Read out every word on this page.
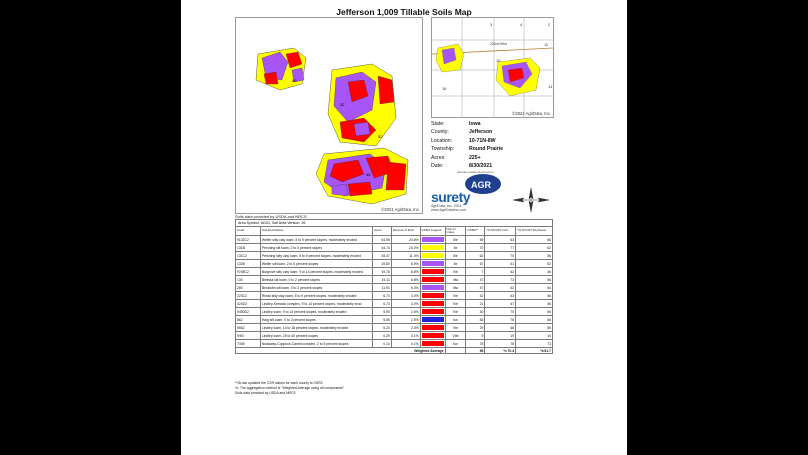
Jefferson 1,009 Tillable Soils Map
80
32
52
46
©2021 AgriData, Inc.
232nd Blvd
4
3	2
10
11
14
16
©2021 AgriData, Inc.
State:	Iowa
County:	Jefferson
Location:	10-71N-8W
Township:	Round Prairie
Acres:	225+
Date:	8/30/2021
NATIONAL FEDERATION AGRI SURETY
AGR
surety
AgriData, Inc. 2021
www.AgriDataInc.com
Soils data provided by USDA and NRCS.
Area Symbol: IA101, Soil Area Version: 26
Code	Soil Description	Acres	Percent of field	CSR2 Legend	Non-Irr Class	CSR2**	*% NCCPI Corn	*% NCCPI Soybeans
9132C2	Weller silty clay loam, 5 to 9 percent slopes, moderately eroded	54.96	24.6%		IIIe	59	63	66
131B	Pershing silt loam, 2 to 5 percent slopes	44.74	20.0%		IIe	70	77	62
131C2	Pershing silty clay loam, 5 to 9 percent slopes, moderately eroded	25.47	11.4%		IIIe	62	70	56
132B	Weller silt loam, 2 to 5 percent slopes	19.80	8.9%		IIe	67	61	52
9768C2	Bulgrove silty clay loam, 9 to 14 percent slopes, moderately eroded	19.78	8.8%		IVe	7	62	46
130	Belinda silt loam, 0 to 2 percent slopes	15.11	6.8%		IIIw	47	73	56
280	Beckwith silt loam, 0 to 2 percent slopes	11.91	5.3%		IIIw	47	62	54
223C2	Rinda silty clay loam, 5 to 9 percent slopes, moderately eroded	6.73	3.0%		IVe	42	63	46
424D2	Lindley-Keswick complex, 9 to 14 percent slopes, moderately erod	6.73	3.0%		IVe	21	67	46
9450D2	Lindley loam, 9 to 14 percent slopes, moderately eroded	5.90	2.6%		IVe	30	70	55
862	Haig silt loam, 0 to 2 percent slopes	5.55	2.5%		IIw	83	76	66
9562	Lindley loam, 14 to 18 percent slopes, moderately eroded	5.24	2.3%		VIe	29	66	55
9/50	Lindley loam, 25 to 40 percent slopes	0.29	0.1%		VIIe	9	19	10
7308	Nodaway-Coppock-Cantril complex, 2 to 5 percent slopes	0.14	0.1%		IIw	78	78	73
Weighted Average						56	*n 70.4	*a 61.7
**IA has updated the CSR values for each county to CSR2
*n: The aggregation method is "Weighted Average using all components"
Soils data provided by USDA and NRCS
